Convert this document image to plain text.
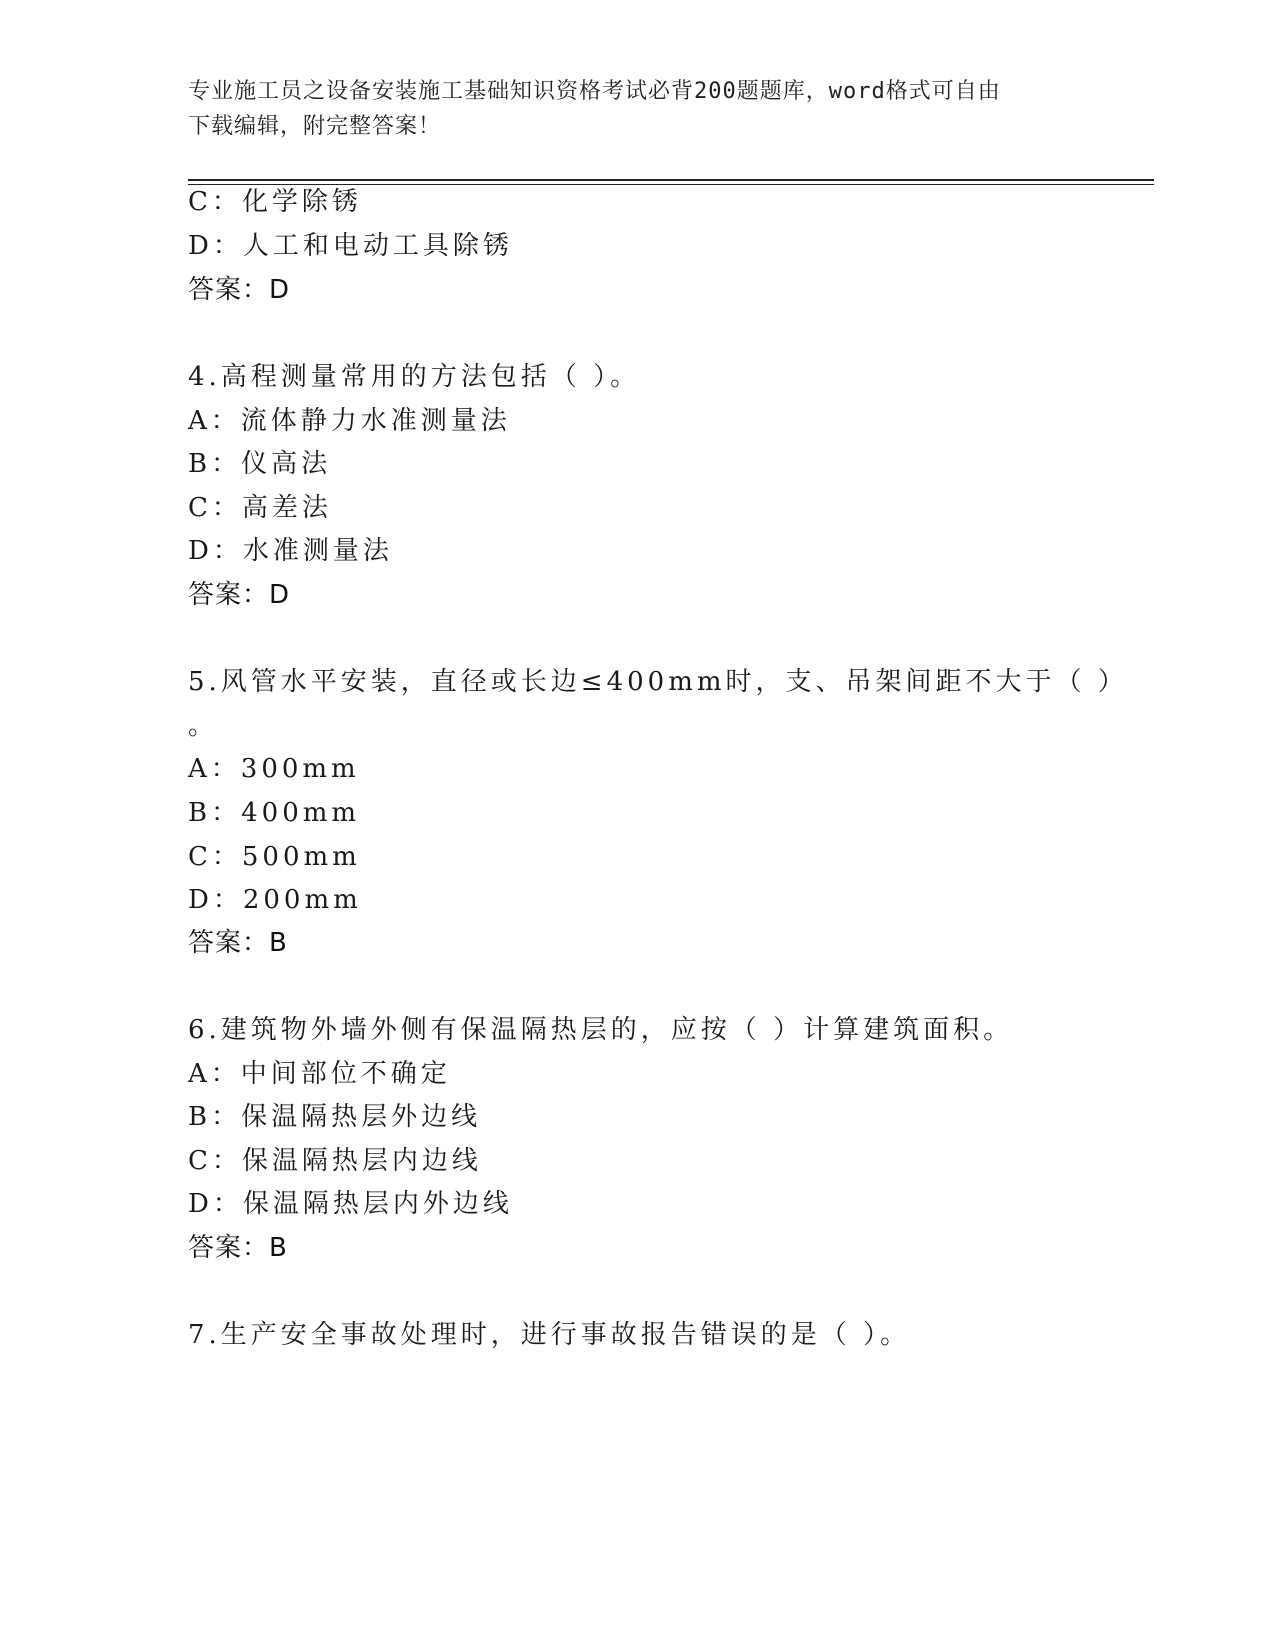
专业施工员之设备安装施工基础知识资格考试必背200题题库，word格式可自由
下载编辑，附完整答案！
C：化学除锈
D：人工和电动工具除锈
答案：D
4.高程测量常用的方法包括（ ）。
A：流体静力水准测量法
B：仪高法
C：高差法
D：水准测量法
答案：D
5.风管水平安装，直径或长边≤400mm时，支、吊架间距不大于（ ）
。
A：300mm
B：400mm
C：500mm
D：200mm
答案：B
6.建筑物外墙外侧有保温隔热层的，应按（ ）计算建筑面积。
A：中间部位不确定
B：保温隔热层外边线
C：保温隔热层内边线
D：保温隔热层内外边线
答案：B
7.生产安全事故处理时，进行事故报告错误的是（ ）。
